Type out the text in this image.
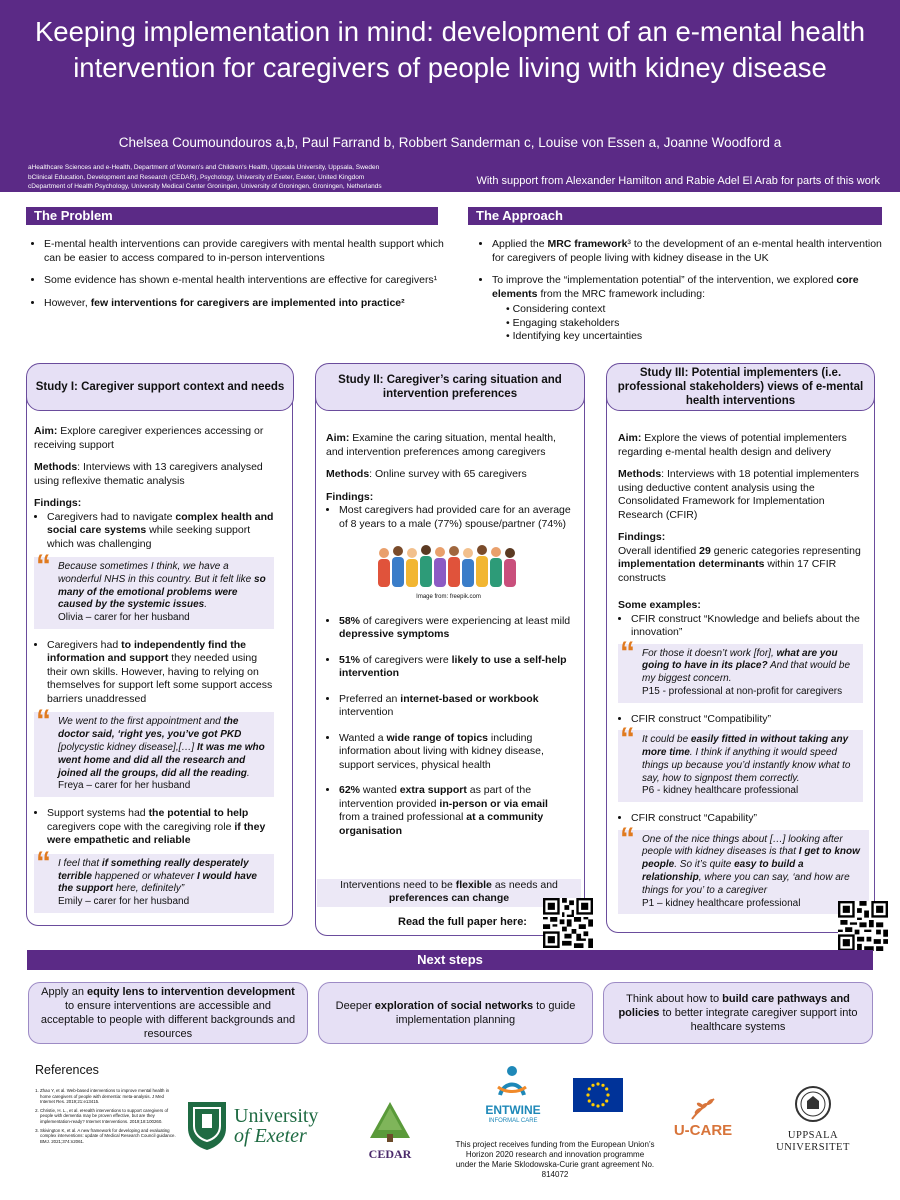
Keeping implementation in mind: development of an e-mental health intervention for caregivers of people living with kidney disease
Chelsea Coumoundouros a,b, Paul Farrand b, Robbert Sanderman c, Louise von Essen a, Joanne Woodford a
aHealthcare Sciences and e-Health, Department of Women's and Children's Health, Uppsala University, Uppsala, Sweden
bClinical Education, Development and Research (CEDAR), Psychology, University of Exeter, Exeter, United Kingdom
cDepartment of Health Psychology, University Medical Center Groningen, University of Groningen, Groningen, Netherlands	With support from Alexander Hamilton and Rabie Adel El Arab for parts of this work
The Problem
• E-mental health interventions can provide caregivers with mental health support which can be easier to access compared to in-person interventions
• Some evidence has shown e-mental health interventions are effective for caregivers¹
• However, few interventions for caregivers are implemented into practice²
The Approach
• Applied the MRC framework³ to the development of an e-mental health intervention for caregivers of people living with kidney disease in the UK
• To improve the “implementation potential” of the intervention, we explored core elements from the MRC framework including:
• Considering context
• Engaging stakeholders
• Identifying key uncertainties
Study I: Caregiver support context and needs
Study II: Caregiver’s caring situation and intervention preferences
Study III: Potential implementers (i.e. professional stakeholders) views of e-mental health interventions

Aim: Explore caregiver experiences accessing or receiving support

Methods: Interviews with 13 caregivers analysed using reflexive thematic analysis

Findings:
• Caregivers had to navigate complex health and social care systems while seeking support which was challenging
“ Because sometimes I think, we have a wonderful NHS in this country. But it felt like so many of the emotional problems were caused by the systemic issues.
Olivia – carer for her husband
• Caregivers had to independently find the information and support they needed using their own skills. However, having to relying on themselves for support left some support access barriers unaddressed
“ We went to the first appointment and the doctor said, ‘right yes, you’ve got PKD [polycystic kidney disease],[…] It was me who went home and did all the research and joined all the groups, did all the reading.
Freya – carer for her husband
• Support systems had the potential to help caregivers cope with the caregiving role if they were empathetic and reliable
“ I feel that if something really desperately terrible happened or whatever I would have the support here, definitely”
Emily – carer for her husband

Aim: Examine the caring situation, mental health, and intervention preferences among caregivers

Methods: Online survey with 65 caregivers

Findings:
• Most caregivers had provided care for an average of 8 years to a male (77%) spouse/partner (74%)
Image from: freepik.com
• 58% of caregivers were experiencing at least mild depressive symptoms
• 51% of caregivers were likely to use a self-help intervention
• Preferred an internet-based or workbook intervention
• Wanted a wide range of topics including information about living with kidney disease, support services, physical health
• 62% wanted extra support as part of the intervention provided in-person or via email from a trained professional at a community organisation
Interventions need to be flexible as needs and
preferences can change
Read the full paper here:

Aim: Explore the views of potential implementers regarding e-mental health design and delivery

Methods: Interviews with 18 potential implementers using deductive content analysis using the Consolidated Framework for Implementation Research (CFIR)

Findings:

Overall identified 29 generic categories representing implementation determinants within 17 CFIR constructs

Some examples:
• CFIR construct “Knowledge and beliefs about the innovation”
“ For those it doesn’t work [for], what are you going to have in its place? And that would be my biggest concern.
P15 - professional at non-profit for caregivers
• CFIR construct “Compatibility”
“ It could be easily fitted in without taking any more time. I think if anything it would speed things up because you’d instantly know what to say, how to signpost them correctly.
P6 - kidney healthcare professional
• CFIR construct “Capability”
“ One of the nice things about […] looking after people with kidney diseases is that I get to know people. So it’s quite easy to build a relationship, where you can say, ‘and how are things for you’ to a caregiver
P1 – kidney healthcare professional
Next steps
Apply an equity lens to intervention development to ensure interventions are accessible and acceptable to people with different backgrounds and resources
Deeper exploration of social networks to guide implementation planning
Think about how to build care pathways and policies to better integrate caregiver support into healthcare systems
References
1. Zhao Y, et al. Web-based interventions to improve mental health in home caregivers of people with dementia: meta-analysis. J Med Internet Res. 2019;21:e13415.
2. Christie, H. L., et al. eHealth interventions to support caregivers of people with dementia may be proven effective, but are they implementation-ready? Internet Interventions. 2019;18:100260.
3. Skivington K, et al. A new framework for developing and evaluating complex interventions: update of Medical Research Council guidance. BMJ. 2021;374:n2061.
University
of Exeter
CEDAR
ENTWINE
INFORMAL CARE
This project receives funding from the European Union’s Horizon 2020 research and innovation programme under the Marie Sklodowska-Curie grant agreement No. 814072
U-CARE	UPPSALA
UNIVERSITET
